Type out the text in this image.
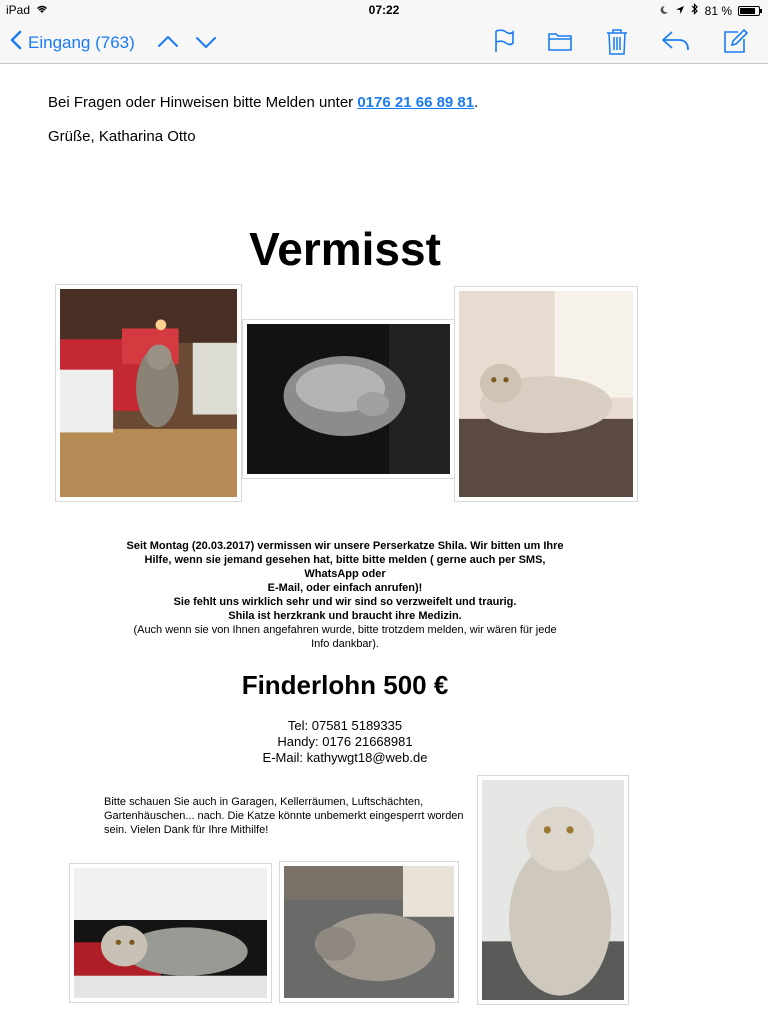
iPad	07:22	81 %
Eingang (763)
Bei Fragen oder Hinweisen bitte Melden unter 0176 21 66 89 81.
Grüße, Katharina Otto
Vermisst
Seit Montag (20.03.2017) vermissen wir unsere Perserkatze Shila. Wir bitten um Ihre
Hilfe, wenn sie jemand gesehen hat, bitte bitte melden ( gerne auch per SMS,
WhatsApp oder
E-Mail, oder einfach anrufen)!
Sie fehlt uns wirklich sehr und wir sind so verzweifelt und traurig.
Shila ist herzkrank und braucht ihre Medizin.
(Auch wenn sie von Ihnen angefahren wurde, bitte trotzdem melden, wir wären für jede
Info dankbar).
Finderlohn 500 €
Tel: 07581 5189335
Handy: 0176 21668981
E-Mail: kathywgt18@web.de
Bitte schauen Sie auch in Garagen, Kellerräumen, Luftschächten, Gartenhäuschen... nach. Die Katze könnte unbemerkt eingesperrt worden sein. Vielen Dank für Ihre Mithilfe!
